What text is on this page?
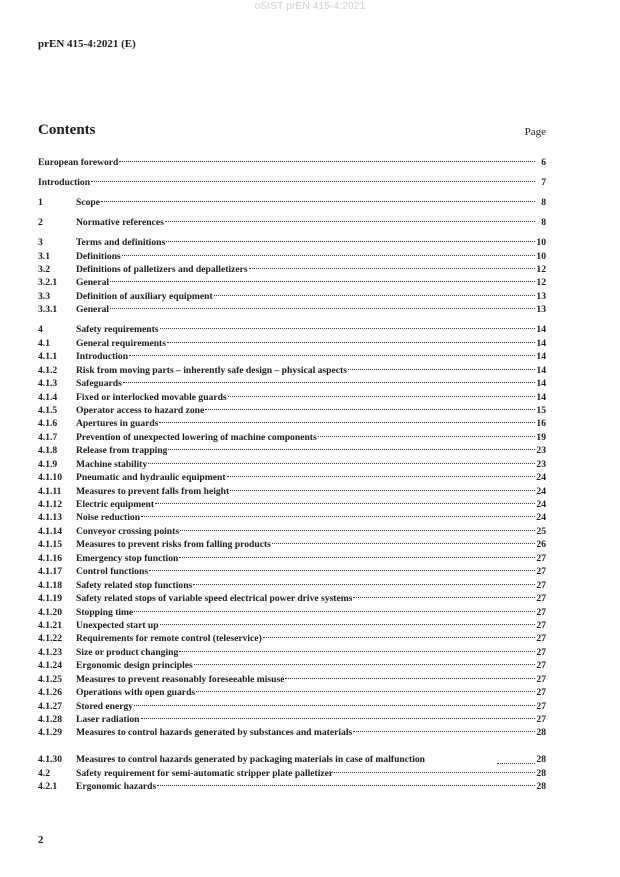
oSIST prEN 415-4:2021
prEN 415-4:2021 (E)
Contents	Page
European foreword	6
Introduction	7
1	Scope	8
2	Normative references	8
3	Terms and definitions	10
3.1	Definitions	10
3.2	Definitions of palletizers and depalletizers	12
3.2.1	General	12
3.3	Definition of auxiliary equipment	13
3.3.1	General	13
4	Safety requirements	14
4.1	General requirements	14
4.1.1	Introduction	14
4.1.2	Risk from moving parts – inherently safe design – physical aspects	14
4.1.3	Safeguards	14
4.1.4	Fixed or interlocked movable guards	14
4.1.5	Operator access to hazard zone	15
4.1.6	Apertures in guards	16
4.1.7	Prevention of unexpected lowering of machine components	19
4.1.8	Release from trapping	23
4.1.9	Machine stability	23
4.1.10	Pneumatic and hydraulic equipment	24
4.1.11	Measures to prevent falls from height	24
4.1.12	Electric equipment	24
4.1.13	Noise reduction	24
4.1.14	Conveyor crossing points	25
4.1.15	Measures to prevent risks from falling products	26
4.1.16	Emergency stop function	27
4.1.17	Control functions	27
4.1.18	Safety related stop functions	27
4.1.19	Safety related stops of variable speed electrical power drive systems	27
4.1.20	Stopping time	27
4.1.21	Unexpected start up	27
4.1.22	Requirements for remote control (teleservice)	27
4.1.23	Size or product changing	27
4.1.24	Ergonomic design principles	27
4.1.25	Measures to prevent reasonably foreseeable misuse	27
4.1.26	Operations with open guards	27
4.1.27	Stored energy	27
4.1.28	Laser radiation	27
4.1.29	Measures to control hazards generated by substances and materials	28
4.1.30	Measures to control hazards generated by packaging materials in case of malfunction	28
4.2	Safety requirement for semi-automatic stripper plate palletizer	28
4.2.1	Ergonomic hazards	28
2
